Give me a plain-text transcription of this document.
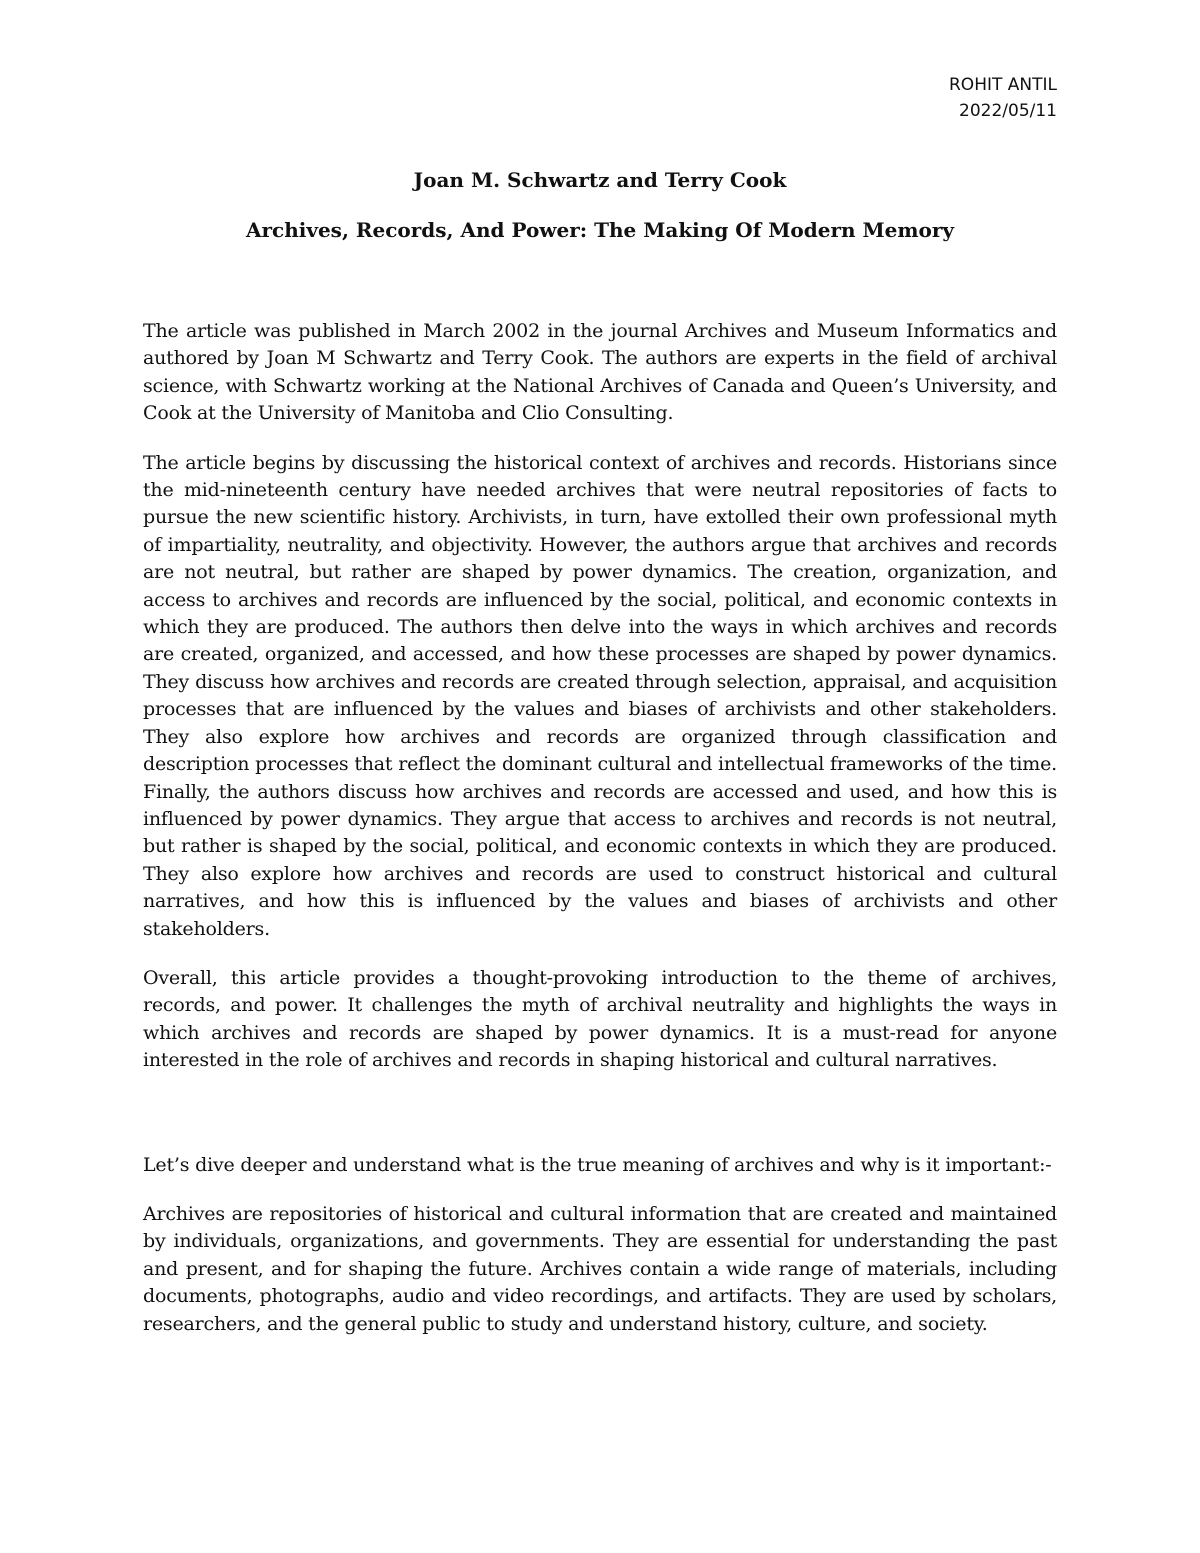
ROHIT ANTIL
2022/05/11
Joan M. Schwartz and Terry Cook
Archives, Records, And Power: The Making Of Modern Memory

The article was published in March 2002 in the journal Archives and Museum Informatics and authored by Joan M Schwartz and Terry Cook. The authors are experts in the field of archival science, with Schwartz working at the National Archives of Canada and Queen’s University, and Cook at the University of Manitoba and Clio Consulting.

The article begins by discussing the historical context of archives and records. Historians since the mid-nineteenth century have needed archives that were neutral repositories of facts to pursue the new scientific history. Archivists, in turn, have extolled their own professional myth of impartiality, neutrality, and objectivity. However, the authors argue that archives and records are not neutral, but rather are shaped by power dynamics. The creation, organization, and access to archives and records are influenced by the social, political, and economic contexts in which they are produced. The authors then delve into the ways in which archives and records are created, organized, and accessed, and how these processes are shaped by power dynamics. They discuss how archives and records are created through selection, appraisal, and acquisition processes that are influenced by the values and biases of archivists and other stakeholders. They also explore how archives and records are organized through classification and description processes that reflect the dominant cultural and intellectual frameworks of the time. Finally, the authors discuss how archives and records are accessed and used, and how this is influenced by power dynamics. They argue that access to archives and records is not neutral, but rather is shaped by the social, political, and economic contexts in which they are produced. They also explore how archives and records are used to construct historical and cultural narratives, and how this is influenced by the values and biases of archivists and other stakeholders.

Overall, this article provides a thought-provoking introduction to the theme of archives, records, and power. It challenges the myth of archival neutrality and highlights the ways in which archives and records are shaped by power dynamics. It is a must-read for anyone interested in the role of archives and records in shaping historical and cultural narratives.

Let’s dive deeper and understand what is the true meaning of archives and why is it important:-

Archives are repositories of historical and cultural information that are created and maintained by individuals, organizations, and governments. They are essential for understanding the past and present, and for shaping the future. Archives contain a wide range of materials, including documents, photographs, audio and video recordings, and artifacts. They are used by scholars, researchers, and the general public to study and understand history, culture, and society.
